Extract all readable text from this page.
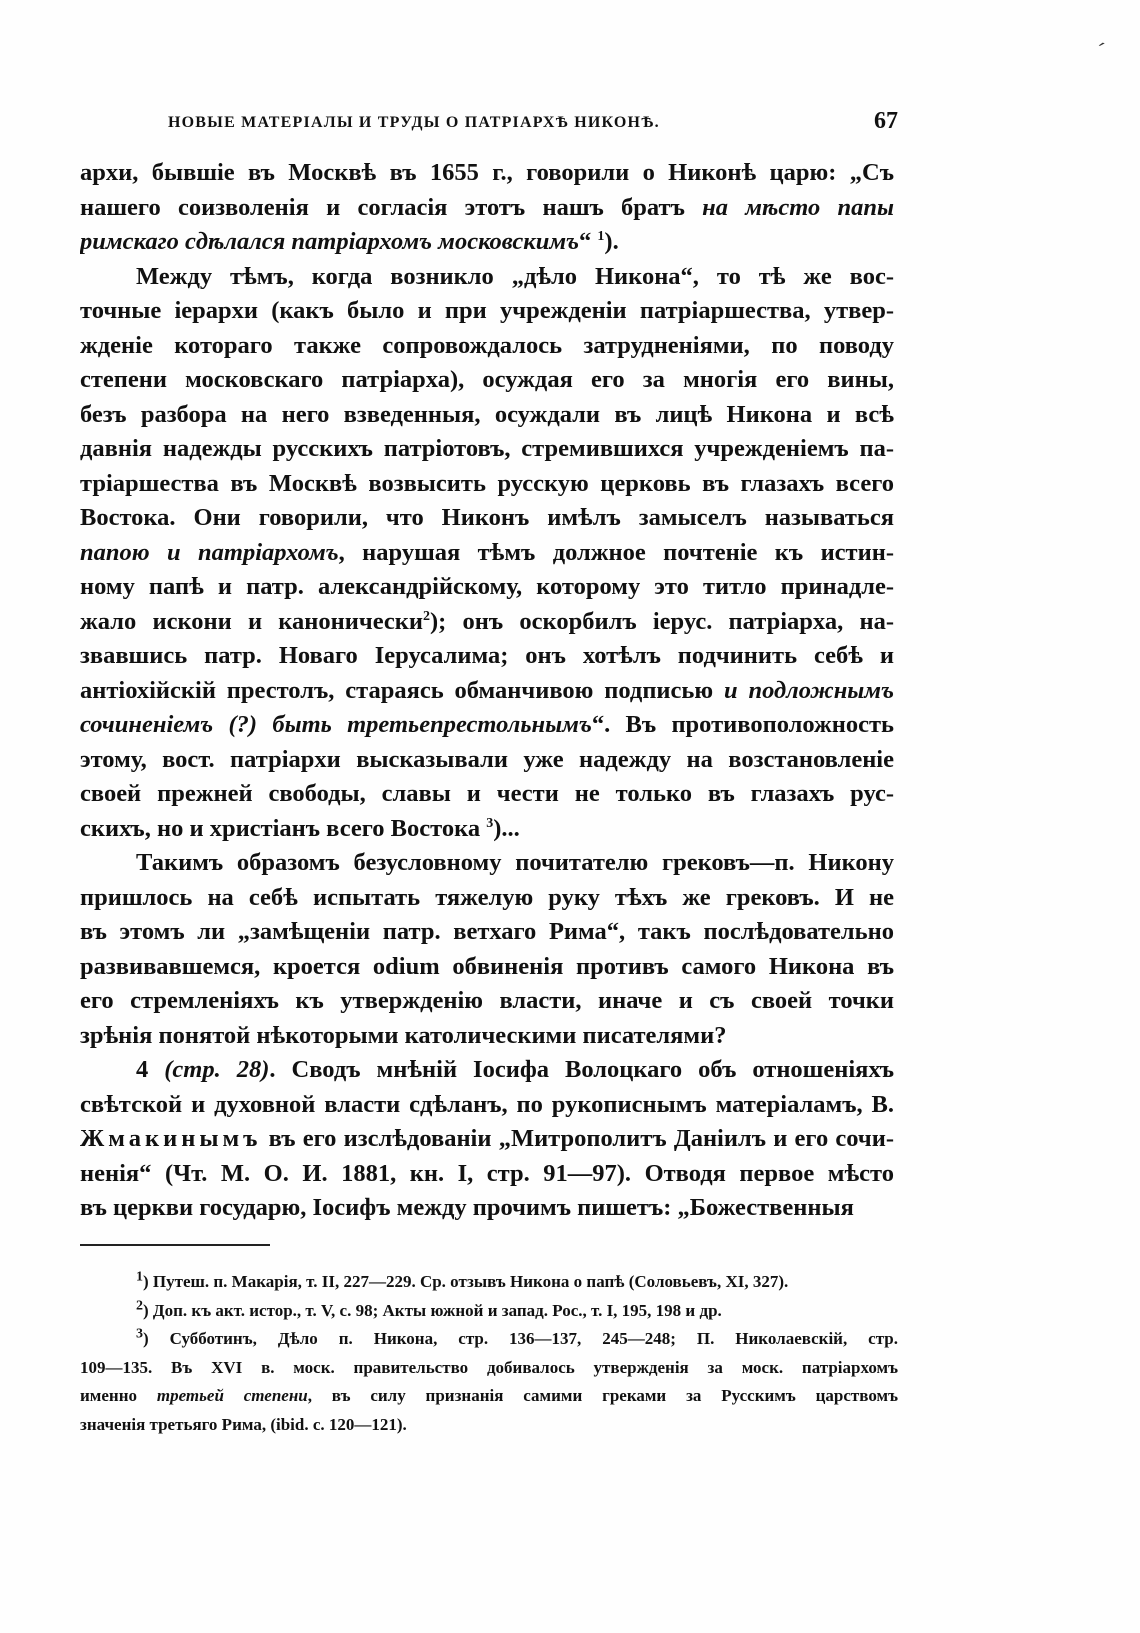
ˊ
НОВЫЕ МАТЕРІАЛЫ И ТРУДЫ О ПАТРІАРХѢ НИКОНѢ.	67
архи, бывшіе въ Москвѣ въ 1655 г., говорили о Никонѣ царю: „Съ
нашего соизволенія и согласія этотъ нашъ братъ на мѣсто папы
римскаго сдѣлался патріархомъ московскимъ“ $^1$).
Между тѣмъ, когда возникло „дѣло Никона“, то тѣ же вос-
точные іерархи (какъ было и при учрежденіи патріаршества, утвер-
жденіе котораго также сопровождалось затрудненіями, по поводу
степени московскаго патріарха), осуждая его за многія его вины,
безъ разбора на него взведенныя, осуждали въ лицѣ Никона и всѣ
давнія надежды русскихъ патріотовъ, стремившихся учрежденіемъ па-
тріаршества въ Москвѣ возвысить русскую церковь въ глазахъ всего
Востока. Они говорили, что Никонъ имѣлъ замыселъ называться
папою и патріархомъ, нарушая тѣмъ должное почтеніе къ истин-
ному папѣ и патр. александрійскому, которому это титло принадле-
жало искони и канонически$^2$); онъ оскорбилъ іерус. патріарха, на-
звавшись патр. Новаго Іерусалима; онъ хотѣлъ подчинить себѣ и
антіохійскій престолъ, стараясь обманчивою подписью и подложнымъ
сочиненіемъ (?) быть третьепрестольнымъ“. Въ противоположность
этому, вост. патріархи высказывали уже надежду на возстановленіе
своей прежней свободы, славы и чести не только въ глазахъ рус-
скихъ, но и христіанъ всего Востока $^3$)...
Такимъ образомъ безусловному почитателю грековъ—п. Никону
пришлось на себѣ испытать тяжелую руку тѣхъ же грековъ. И не
въ этомъ ли „замѣщеніи патр. ветхаго Рима“, такъ послѣдовательно
развивавшемся, кроется odium обвиненія противъ самого Никона въ
его стремленіяхъ къ утвержденію власти, иначе и съ своей точки
зрѣнія понятой нѣкоторыми католическими писателями?
4 (стр. 28). Сводъ мнѣній Іосифа Волоцкаго объ отношеніяхъ
свѣтской и духовной власти сдѣланъ, по рукописнымъ матеріаламъ, В.
Жмакинымъ въ его изслѣдованіи „Митрополитъ Даніилъ и его сочи-
ненія“ (Чт. М. О. И. 1881, кн. I, стр. 91—97). Отводя первое мѣсто
въ церкви государю, Іосифъ между прочимъ пишетъ: „Божественныя
$^1$) Путеш. п. Макарія, т. II, 227—229. Ср. отзывъ Никона о папѣ (Соловьевъ, XI, 327).
$^2$) Доп. къ акт. истор., т. V, с. 98; Акты южной и запад. Рос., т. I, 195, 198 и др.
$^3$) Субботинъ, Дѣло п. Никона, стр. 136—137, 245—248; П. Николаевскій, стр.
109—135. Въ XVI в. моск. правительство добивалось утвержденія за моск. патріархомъ
именно третьей степени, въ силу признанія самими греками за Русскимъ царствомъ
значенія третьяго Рима, (ibid. с. 120—121).
